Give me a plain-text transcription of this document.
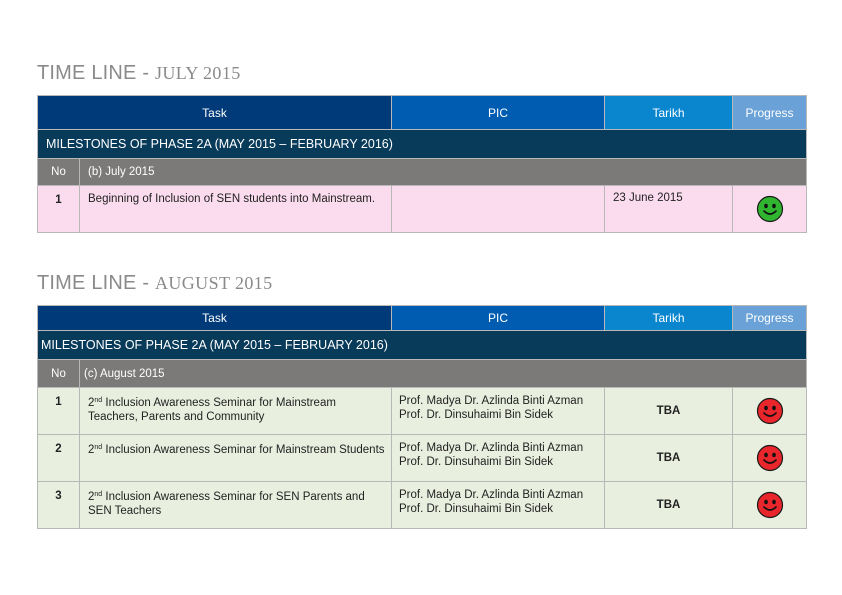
TIME LINE - JULY 2015
Task		PIC	Tarikh	Progress
MILESTONES OF PHASE 2A (MAY 2015 – FEBRUARY 2016)				
No	(b) July 2015			
1	Beginning of Inclusion of SEN students into Mainstream.		23 June 2015	
TIME LINE - AUGUST 2015
Task		PIC	Tarikh	Progress
MILESTONES OF PHASE 2A (MAY 2015 – FEBRUARY 2016)				
No	(c) August 2015			
1	2nd Inclusion Awareness Seminar for Mainstream Teachers, Parents and Community	Prof. Madya Dr. Azlinda Binti Azman
Prof. Dr. Dinsuhaimi Bin Sidek	TBA	
2	2nd Inclusion Awareness Seminar for Mainstream Students	Prof. Madya Dr. Azlinda Binti Azman
Prof. Dr. Dinsuhaimi Bin Sidek	TBA	
3	2nd Inclusion Awareness Seminar for SEN Parents and SEN Teachers	Prof. Madya Dr. Azlinda Binti Azman
Prof. Dr. Dinsuhaimi Bin Sidek	TBA	
